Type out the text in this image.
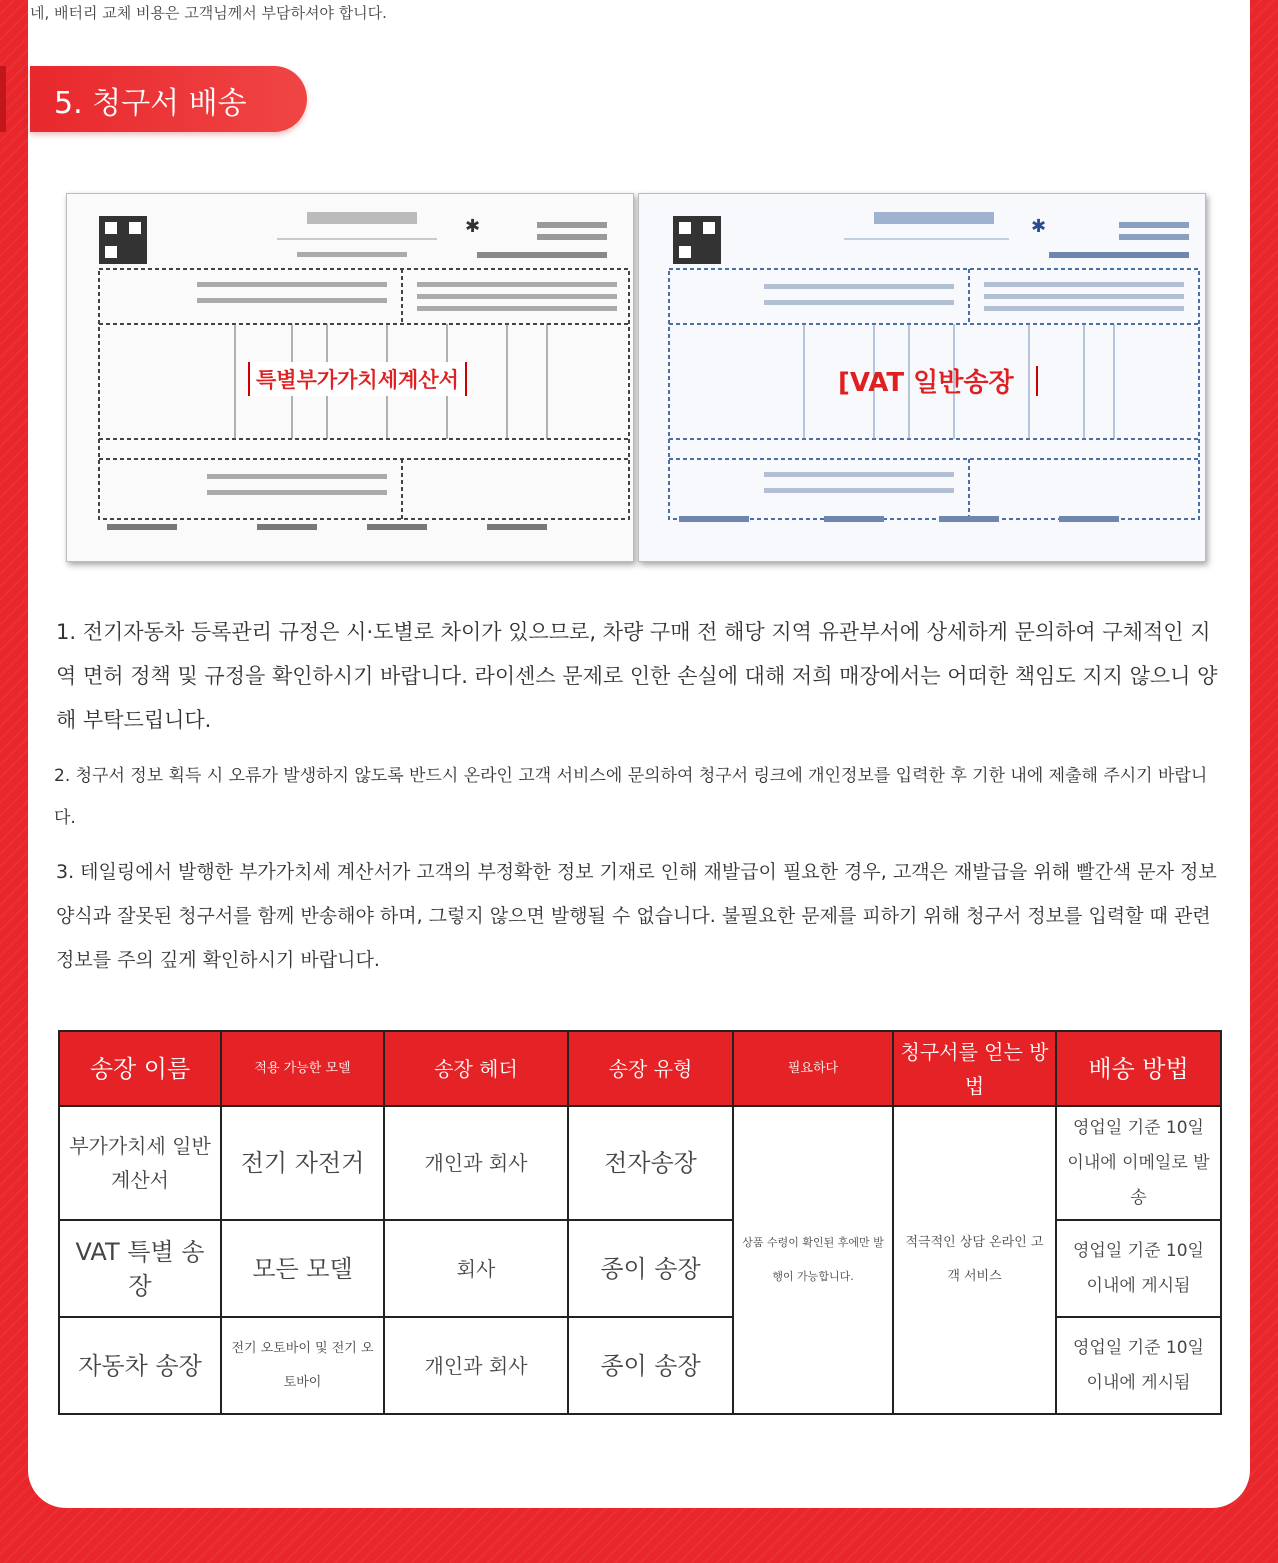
네, 배터리 교체 비용은 고객님께서 부담하셔야 합니다.
5. 청구서 배송
✱
특별부가가치세계산서
✱
[VAT 일반송장
1. 전기자동차 등록관리 규정은 시·도별로 차이가 있으므로, 차량 구매 전 해당 지역 유관부서에 상세하게 문의하여 구체적인 지역 면허 정책 및 규정을 확인하시기 바랍니다. 라이센스 문제로 인한 손실에 대해 저희 매장에서는 어떠한 책임도 지지 않으니 양해 부탁드립니다.
2. 청구서 정보 획득 시 오류가 발생하지 않도록 반드시 온라인 고객 서비스에 문의하여 청구서 링크에 개인정보를 입력한 후 기한 내에 제출해 주시기 바랍니다.
3. 테일링에서 발행한 부가가치세 계산서가 고객의 부정확한 정보 기재로 인해 재발급이 필요한 경우, 고객은 재발급을 위해 빨간색 문자 정보 양식과 잘못된 청구서를 함께 반송해야 하며, 그렇지 않으면 발행될 수 없습니다. 불필요한 문제를 피하기 위해 청구서 정보를 입력할 때 관련 정보를 주의 깊게 확인하시기 바랍니다.
송장 이름	적용 가능한 모델	송장 헤더	송장 유형	필요하다	청구서를 얻는 방법	배송 방법
부가가치세 일반계산서	전기 자전거	개인과 회사	전자송장	상품 수령이 확인된 후에만 발행이 가능합니다.	적극적인 상담 온라인 고객 서비스	영업일 기준 10일 이내에 이메일로 발송
VAT 특별 송장	모든 모델	회사	종이 송장			영업일 기준 10일 이내에 게시됨
자동차 송장	전기 오토바이 및 전기 오토바이	개인과 회사	종이 송장			영업일 기준 10일 이내에 게시됨
